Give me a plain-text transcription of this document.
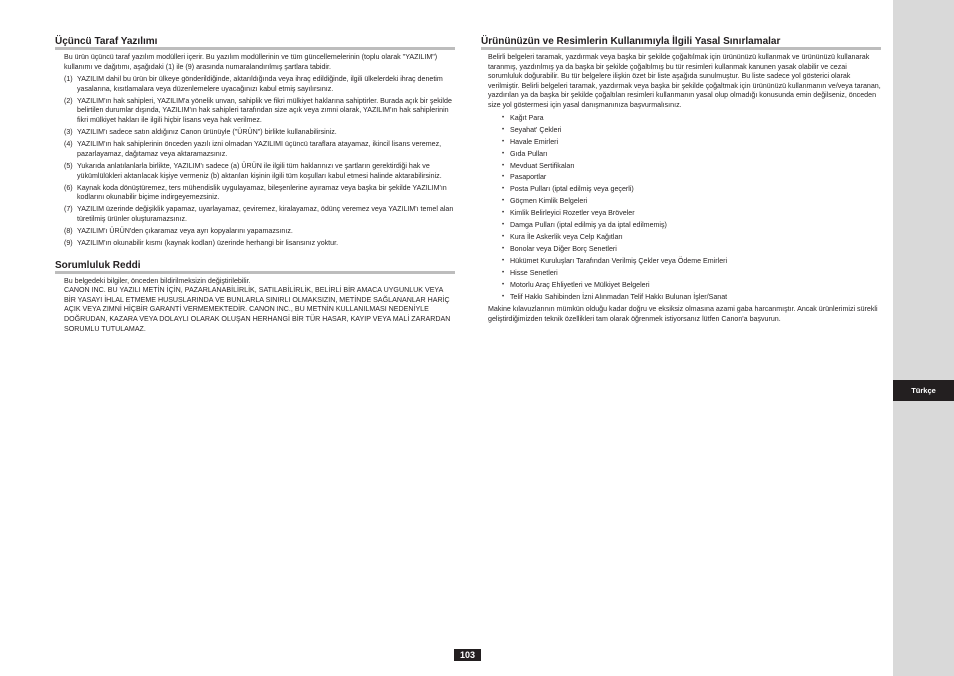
Türkçe
Üçüncü Taraf Yazılımı

Bu ürün üçüncü taraf yazılım modülleri içerir. Bu yazılım modüllerinin ve tüm güncellemelerinin (toplu olarak "YAZILIM") kullanımı ve dağıtımı, aşağıdaki (1) ile (9) arasında numaralandırılmış şartlara tabidir.

(1) YAZILIM dahil bu ürün bir ülkeye gönderildiğinde, aktarıldığında veya ihraç edildiğinde, ilgili ülkelerdeki ihraç denetim yasalarına, kısıtlamalara veya düzenlemelere uyacağınızı kabul etmiş sayılırsınız.
(2) YAZILIM'ın hak sahipleri, YAZILIM'a yönelik unvan, sahiplik ve fikri mülkiyet haklarına sahiptirler. Burada açık bir şekilde belirtilen durumlar dışında, YAZILIM'ın hak sahipleri tarafından size açık veya zımni olarak, YAZILIM'ın hak sahiplerinin fikri mülkiyet hakları ile ilgili hiçbir lisans veya hak verilmez.
(3) YAZILIM'ı sadece satın aldığınız Canon ürünüyle ("ÜRÜN") birlikte kullanabilirsiniz.
(4) YAZILIM'ın hak sahiplerinin önceden yazılı izni olmadan YAZILIMI üçüncü taraflara atayamaz, ikincil lisans veremez, pazarlayamaz, dağıtamaz veya aktaramazsınız.
(5) Yukarıda anlatılanlarla birlikte, YAZILIM'ı sadece (a) ÜRÜN ile ilgili tüm haklarınızı ve şartların gerektirdiği hak ve yükümlülükleri aktarılacak kişiye vermeniz (b) aktarılan kişinin ilgili tüm koşulları kabul etmesi halinde aktarabilirsiniz.
(6) Kaynak koda dönüştüremez, ters mühendislik uygulayamaz, bileşenlerine ayıramaz veya başka bir şekilde YAZILIM'ın kodlarını okunabilir biçime indirgeyemezsiniz.
(7) YAZILIM üzerinde değişiklik yapamaz, uyarlayamaz, çeviremez, kiralayamaz, ödünç veremez veya YAZILIM'ı temel alan türetilmiş ürünler oluşturamazsınız.
(8) YAZILIM'ı ÜRÜN'den çıkaramaz veya ayrı kopyalarını yapamazsınız.
(9) YAZILIM'ın okunabilir kısmı (kaynak kodları) üzerinde herhangi bir lisansınız yoktur.
Sorumluluk Reddi

Bu belgedeki bilgiler, önceden bildirilmeksizin değiştirilebilir.

CANON INC. BU YAZILI METİN İÇİN, PAZARLANABİLİRLİK, SATILABİLİRLİK, BELİRLİ BİR AMACA UYGUNLUK VEYA BİR YASAYI İHLAL ETMEME HUSUSLARINDA VE BUNLARLA SINIRLI OLMAKSIZIN, METİNDE SAĞLANANLAR HARİÇ AÇIK VEYA ZIMNİ HİÇBİR GARANTİ VERMEMEKTEDİR. CANON INC., BU METNİN KULLANILMASI NEDENİYLE DOĞRUDAN, KAZARA VEYA DOLAYLI OLARAK OLUŞAN HERHANGİ BİR TÜR HASAR, KAYIP VEYA MALİ ZARARDAN SORUMLU TUTULAMAZ.

Ürününüzün ve Resimlerin Kullanımıyla İlgili Yasal Sınırlamalar

Belirli belgeleri taramak, yazdırmak veya başka bir şekilde çoğaltılmak için ürününüzü kullanmak ve ürününüzü kullanarak taranmış, yazdırılmış ya da başka bir şekilde çoğaltılmış bu tür resimleri kullanmak kanunen yasak olabilir ve cezai sorumluluk doğurabilir. Bu tür belgelere ilişkin özet bir liste aşağıda sunulmuştur. Bu liste sadece yol gösterici olarak verilmiştir. Belirli belgeleri taramak, yazdırmak veya başka bir şekilde çoğaltmak için ürününüzü kullanmanın ve/veya taranan, yazdırılan ya da başka bir şekilde çoğaltılan resimleri kullanmanın yasal olup olmadığı konusunda emin değilseniz, önceden size yol göstermesi için yasal danışmanınıza başvurmalısınız.

• Kağıt Para
• Seyahat' Çekleri
• Havale Emirleri
• Gıda Pulları
• Mevduat Sertifikaları
• Pasaportlar
• Posta Pulları (iptal edilmiş veya geçerli)
• Göçmen Kimlik Belgeleri
• Kimlik Belirleyici Rozetler veya Bröveler
• Damga Pulları (iptal edilmiş ya da iptal edilmemiş)
• Kura İle Askerlik veya Celp Kağıtları
• Bonolar veya Diğer Borç Senetleri
• Hükümet Kuruluşları Tarafından Verilmiş Çekler veya Ödeme Emirleri
• Hisse Senetleri
• Motorlu Araç Ehliyetleri ve Mülkiyet Belgeleri
• Telif Hakkı Sahibinden İzni Alınmadan Telif Hakkı Bulunan İşler/Sanat

Makine kılavuzlarının mümkün olduğu kadar doğru ve eksiksiz olmasına azami gaba harcanmıştır. Ancak ürünlerimizi sürekli geliştirdiğimizden teknik özellikleri tam olarak öğrenmek istiyorsanız lütfen Canon'a başvurun.

103
